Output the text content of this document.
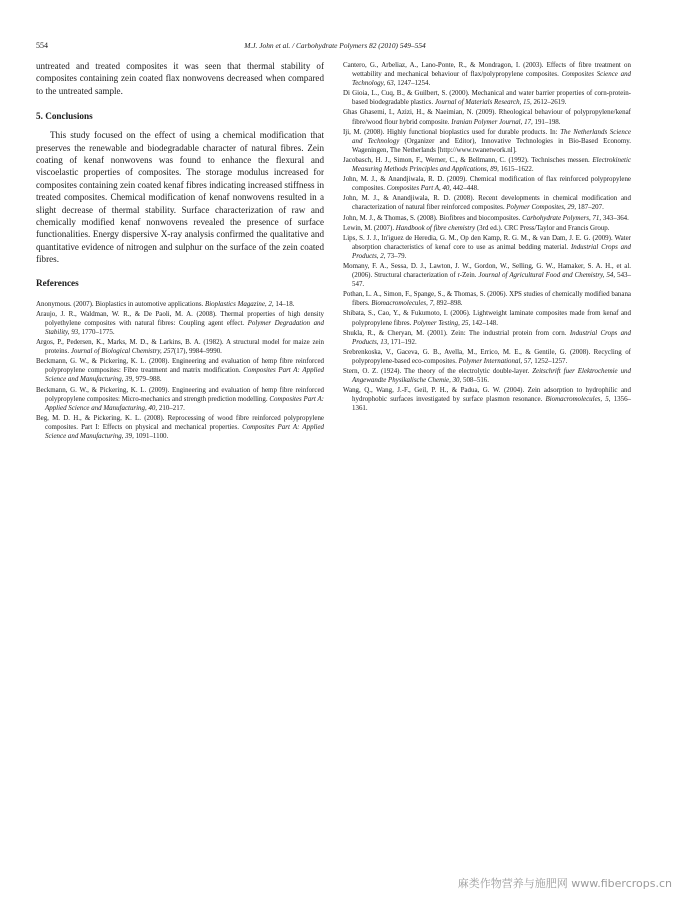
554	M.J. John et al. / Carbohydrate Polymers 82 (2010) 549–554

untreated and treated composites it was seen that thermal stability of composites containing zein coated flax nonwovens decreased when compared to the untreated sample.

5. Conclusions

This study focused on the effect of using a chemical modification that preserves the renewable and biodegradable character of natural fibres. Zein coating of kenaf nonwovens was found to enhance the flexural and viscoelastic properties of composites. The storage modulus increased for composites containing zein coated kenaf fibres indicating increased stiffness in treated composites. Chemical modification of kenaf nonwovens resulted in a slight decrease of thermal stability. Surface characterization of raw and chemically modified kenaf nonwovens revealed the presence of surface functionalities. Energy dispersive X-ray analysis confirmed the qualitative and quantitative evidence of nitrogen and sulphur on the surface of the zein coated fibres.

References

Anonymous. (2007). Bioplastics in automotive applications. Bioplastics Magazine, 2, 14–18.

Araujo, J. R., Waldman, W. R., & De Paoli, M. A. (2008). Thermal properties of high density polyethylene composites with natural fibres: Coupling agent effect. Polymer Degradation and Stability, 93, 1770–1775.

Argos, P., Pedersen, K., Marks, M. D., & Larkins, B. A. (1982). A structural model for maize zein proteins. Journal of Biological Chemistry, 257(17), 9984–9990.

Beckmann, G. W., & Pickering, K. L. (2008). Engineering and evaluation of hemp fibre reinforced polypropylene composites: Fibre treatment and matrix modification. Composites Part A: Applied Science and Manufacturing, 39, 979–988.

Beckmann, G. W., & Pickering, K. L. (2009). Engineering and evaluation of hemp fibre reinforced polypropylene composites: Micro-mechanics and strength prediction modelling. Composites Part A: Applied Science and Manufacturing, 40, 210–217.

Beg, M. D. H., & Pickering, K. L. (2008). Reprocessing of wood fibre reinforced polypropylene composites. Part I: Effects on physical and mechanical properties. Composites Part A: Applied Science and Manufacturing, 39, 1091–1100.

Cantero, G., Arbeliaz, A., Lano-Ponte, R., & Mondragon, I. (2003). Effects of fibre treatment on wettability and mechanical behaviour of flax/polypropylene composites. Composites Science and Technology, 63, 1247–1254.

Di Gioia, L., Cuq, B., & Guilbert, S. (2000). Mechanical and water barrier properties of corn-protein-based biodegradable plastics. Journal of Materials Research, 15, 2612–2619.

Ghas Ghasemi, I., Azizi, H., & Naeimian, N. (2009). Rheological behaviour of polypropylene/kenaf fibre/wood flour hybrid composite. Iranian Polymer Journal, 17, 191–198.

Iji, M. (2008). Highly functional bioplastics used for durable products. In: The Netherlands Science and Technology (Organizer and Editor), Innovative Technologies in Bio-Based Economy. Wageningen, The Netherlands [http://www.twanetwork.nl].

Jacobasch, H. J., Simon, F., Werner, C., & Bellmann, C. (1992). Technisches messen. Electrokinetic Measuring Methods Principles and Applications, 89, 1615–1622.

John, M. J., & Anandjiwala, R. D. (2009). Chemical modification of flax reinforced polypropylene composites. Composites Part A, 40, 442–448.

John, M. J., & Anandjiwala, R. D. (2008). Recent developments in chemical modification and characterization of natural fiber reinforced composites. Polymer Composites, 29, 187–207.

John, M. J., & Thomas, S. (2008). Biofibres and biocomposites. Carbohydrate Polymers, 71, 343–364.

Lewin, M. (2007). Handbook of fibre chemistry (3rd ed.). CRC Press/Taylor and Francis Group.

Lips, S. J. J., In'iguez de Heredia, G. M., Op den Kamp, R. G. M., & van Dam, J. E. G. (2009). Water absorption characteristics of kenaf core to use as animal bedding material. Industrial Crops and Products, 2, 73–79.

Momany, F. A., Sessa, D. J., Lawton, J. W., Gordon, W., Selling, G. W., Hamaker, S. A. H., et al. (2006). Structural characterization of r-Zein. Journal of Agricultural Food and Chemistry, 54, 543–547.

Pothan, L. A., Simon, F., Spange, S., & Thomas, S. (2006). XPS studies of chemically modified banana fibers. Biomacromolecules, 7, 892–898.

Shibata, S., Cao, Y., & Fukumoto, I. (2006). Lightweight laminate composites made from kenaf and polypropylene fibres. Polymer Testing, 25, 142–148.

Shukla, R., & Cheryan, M. (2001). Zein: The industrial protein from corn. Industrial Crops and Products, 13, 171–192.

Srebrenkoska, V., Gaceva, G. B., Avella, M., Errico, M. E., & Gentile, G. (2008). Recycling of polypropylene-based eco-composites. Polymer International, 57, 1252–1257.

Stern, O. Z. (1924). The theory of the electrolytic double-layer. Zeitschrift fuer Elektrochemie und Angewandte Physikalische Chemie, 30, 508–516.

Wang, Q., Wang, J.-F., Geil, P. H., & Padua, G. W. (2004). Zein adsorption to hydrophilic and hydrophobic surfaces investigated by surface plasmon resonance. Biomacromolecules, 5, 1356–1361.

麻类作物营养与施肥网 www.fibercrops.cn
